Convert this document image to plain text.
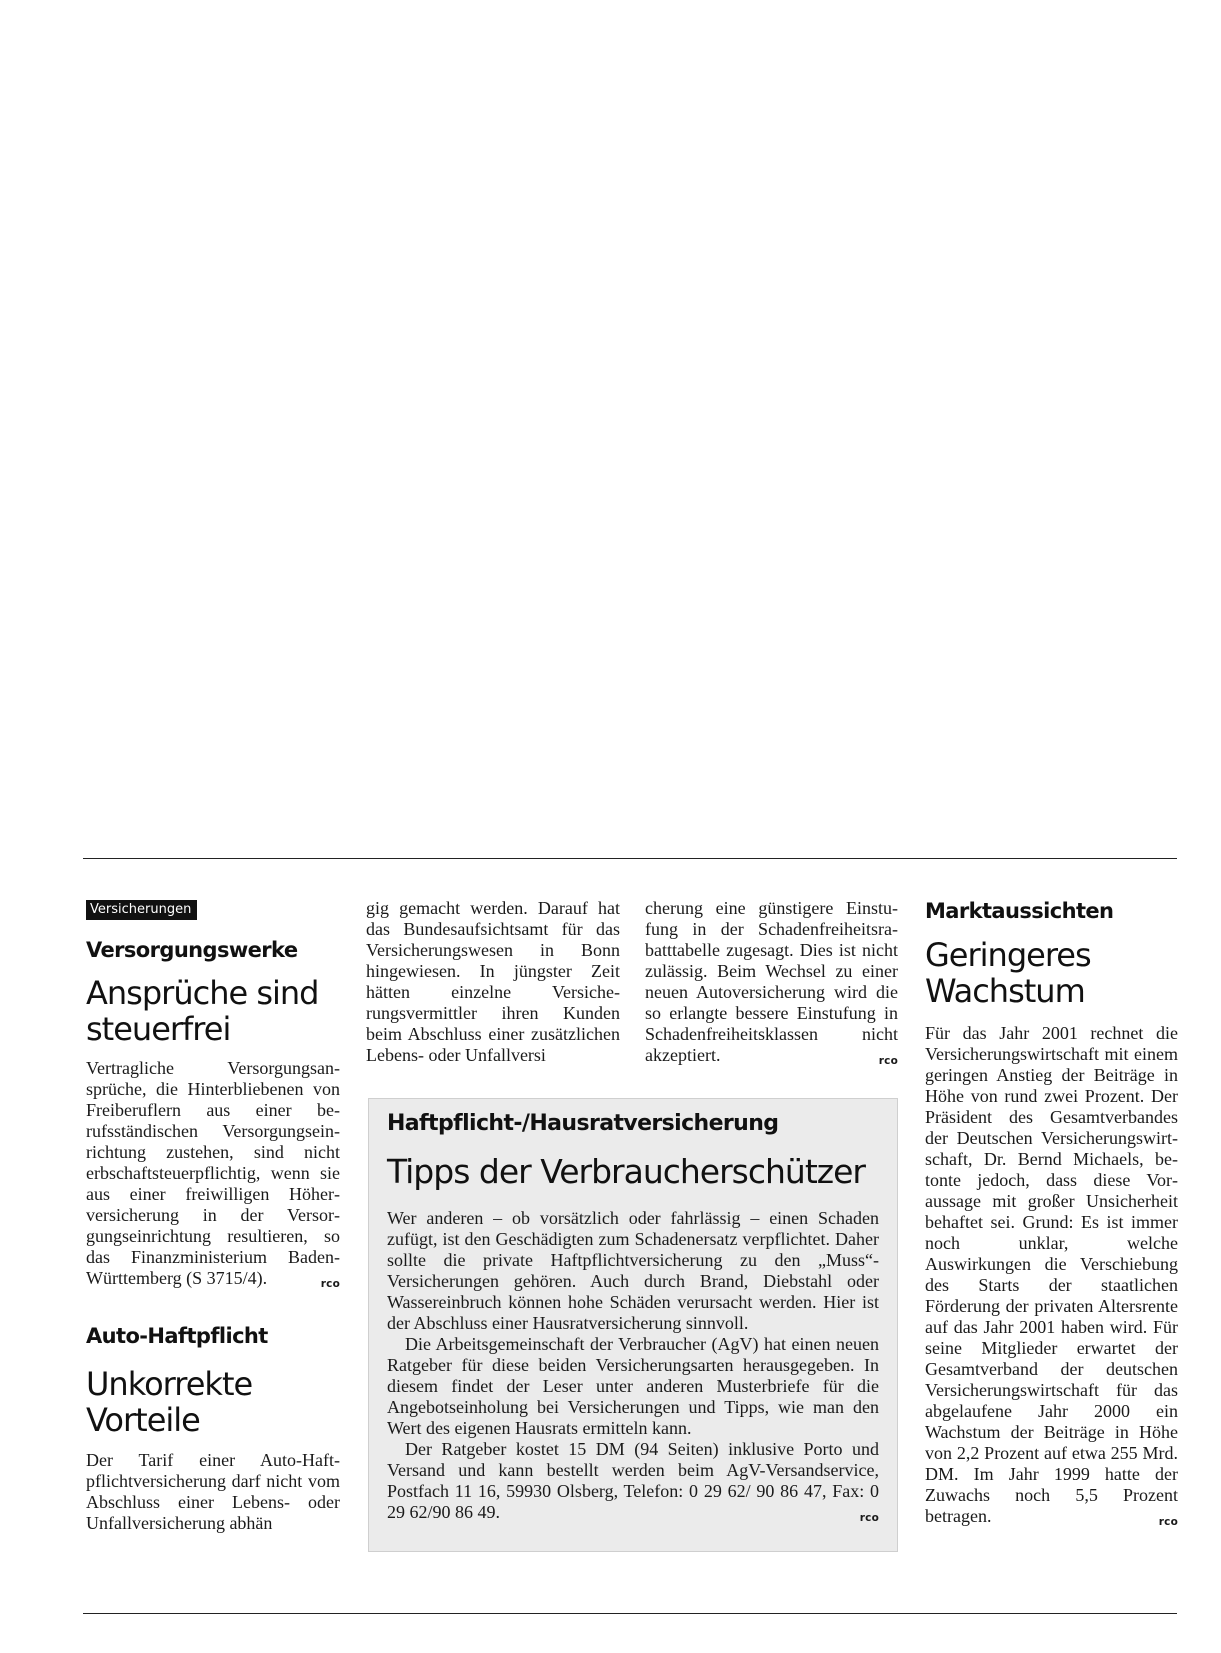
Versicherungen
Versorgungswerke
Ansprüche sind
steuerfrei

Vertragliche Versorgungsansprüche, die Hinterbliebenen von Freiberuflern aus einer berufsständischen Versorgungseinrichtung zustehen, sind nicht erbschaftsteuerpflichtig, wenn sie aus einer freiwilligen Höherversicherung in der Versorgungseinrichtung resultieren, so das Finanzministerium Baden-Württemberg (S 3715/4).	rco

Auto-Haftpflicht
Unkorrekte
Vorteile

Der Tarif einer Auto-Haftpflichtversicherung darf nicht vom Abschluss einer Lebens- oder Unfallversicherung abhän

gig gemacht werden. Darauf hat das Bundesaufsichtsamt für das Versicherungswesen in Bonn hingewiesen. In jüngster Zeit hätten einzelne Versicherungsvermittler ihren Kunden beim Abschluss einer zusätzlichen Lebens- oder Unfallversi

cherung eine günstigere Einstufung in der Schadenfreiheitsrabatttabelle zugesagt. Dies ist nicht zulässig. Beim Wechsel zu einer neuen Autoversicherung wird die so erlangte bessere Einstufung in Schadenfreiheitsklassen nicht akzeptiert.	rco

Haftpflicht-/Hausratversicherung
Tipps der Verbraucherschützer

Wer anderen – ob vorsätzlich oder fahrlässig – einen Schaden zufügt, ist den Geschädigten zum Schadenersatz verpflichtet. Daher sollte die private Haftpflichtversicherung zu den „Muss“-Versicherungen gehören. Auch durch Brand, Diebstahl oder Wassereinbruch können hohe Schäden verursacht werden. Hier ist der Abschluss einer Hausratversicherung sinnvoll.

Die Arbeitsgemeinschaft der Verbraucher (AgV) hat einen neuen Ratgeber für diese beiden Versicherungsarten herausgegeben. In diesem findet der Leser unter anderen Musterbriefe für die Angebotseinholung bei Versicherungen und Tipps, wie man den Wert des eigenen Hausrats ermitteln kann.

Der Ratgeber kostet 15 DM (94 Seiten) inklusive Porto und Versand und kann bestellt werden beim AgV-Versandservice, Postfach 11 16, 59930 Olsberg, Telefon: 0 29 62/ 90 86 47, Fax: 0 29 62/90 86 49.	rco

Marktaussichten
Geringeres
Wachstum

Für das Jahr 2001 rechnet die Versicherungswirtschaft mit einem geringen Anstieg der Beiträge in Höhe von rund zwei Prozent. Der Präsident des Gesamtverbandes der Deutschen Versicherungswirtschaft, Dr. Bernd Michaels, betonte jedoch, dass diese Voraussage mit großer Unsicherheit behaftet sei. Grund: Es ist immer noch unklar, welche Auswirkungen die Verschiebung des Starts der staatlichen Förderung der privaten Altersrente auf das Jahr 2001 haben wird. Für seine Mitglieder erwartet der Gesamtverband der deutschen Versicherungswirtschaft für das abgelaufene Jahr 2000 ein Wachstum der Beiträge in Höhe von 2,2 Prozent auf etwa 255 Mrd. DM. Im Jahr 1999 hatte der Zuwachs noch 5,5 Prozent betragen.	rco
